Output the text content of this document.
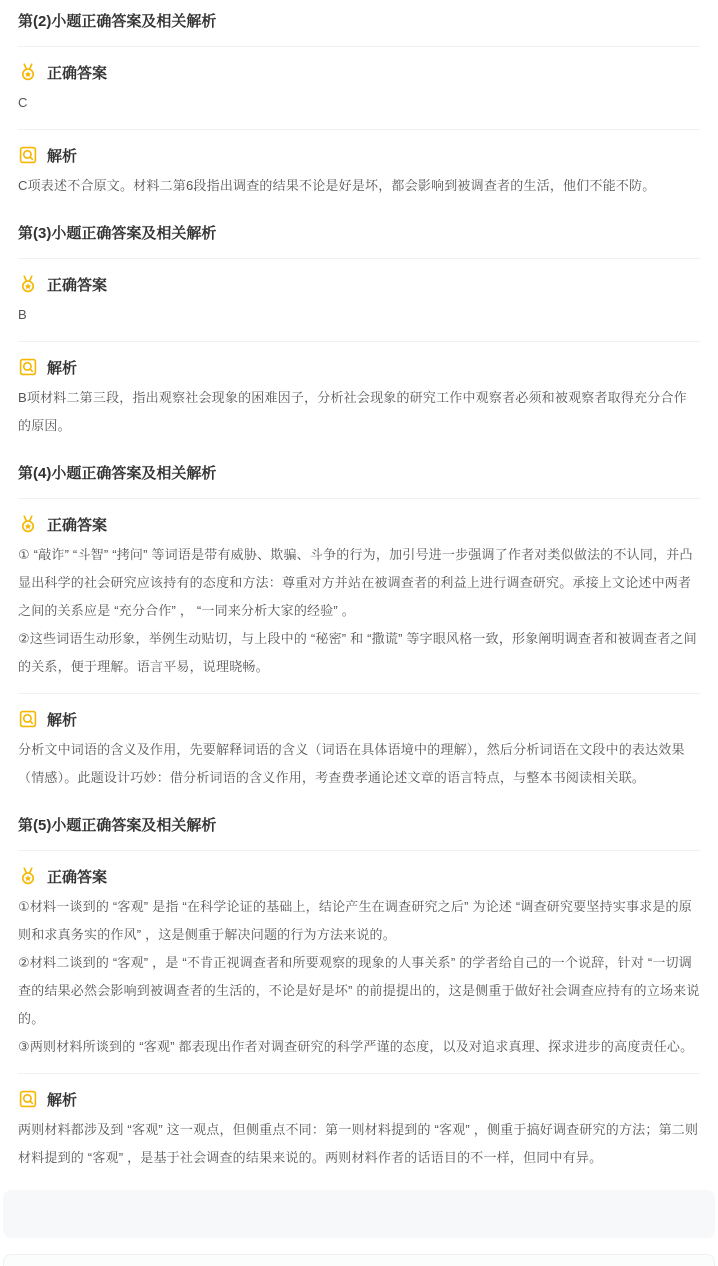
第(2)小题正确答案及相关解析
正确答案

C

解析

C项表述不合原文。材料二第6段指出调查的结果不论是好是坏，都会影响到被调查者的生活，他们不能不防。

第(3)小题正确答案及相关解析
正确答案

B

解析

B项材料二第三段，指出观察社会现象的困难因子，分析社会现象的研究工作中观察者必须和被观察者取得充分合作的原因。

第(4)小题正确答案及相关解析
正确答案

① “敲诈” “斗智” “拷问” 等词语是带有威胁、欺骗、斗争的行为，加引号进一步强调了作者对类似做法的不认同，并凸显出科学的社会研究应该持有的态度和方法：尊重对方并站在被调查者的利益上进行调查研究。承接上文论述中两者之间的关系应是 “充分合作” ， “一同来分析大家的经验” 。

②这些词语生动形象，举例生动贴切，与上段中的 “秘密” 和 “撒谎” 等字眼风格一致，形象阐明调查者和被调查者之间的关系，便于理解。语言平易，说理晓畅。

解析

分析文中词语的含义及作用，先要解释词语的含义（词语在具体语境中的理解），然后分析词语在文段中的表达效果（情感）。此题设计巧妙：借分析词语的含义作用，考查费孝通论述文章的语言特点，与整本书阅读相关联。

第(5)小题正确答案及相关解析
正确答案

①材料一谈到的 “客观” 是指 “在科学论证的基础上，结论产生在调查研究之后” 为论述 “调查研究要坚持实事求是的原则和求真务实的作风” ，这是侧重于解决问题的行为方法来说的。

②材料二谈到的 “客观” ，是 “不肯正视调查者和所要观察的现象的人事关系” 的学者给自己的一个说辞，针对 “一切调查的结果必然会影响到被调查者的生活的，不论是好是坏” 的前提提出的，这是侧重于做好社会调查应持有的立场来说的。

③两则材料所谈到的 “客观” 都表现出作者对调查研究的科学严谨的态度，以及对追求真理、探求进步的高度责任心。

解析

两则材料都涉及到 “客观” 这一观点，但侧重点不同：第一则材料提到的 “客观” ，侧重于搞好调查研究的方法；第二则材料提到的 “客观” ，是基于社会调查的结果来说的。两则材料作者的话语目的不一样，但同中有异。
